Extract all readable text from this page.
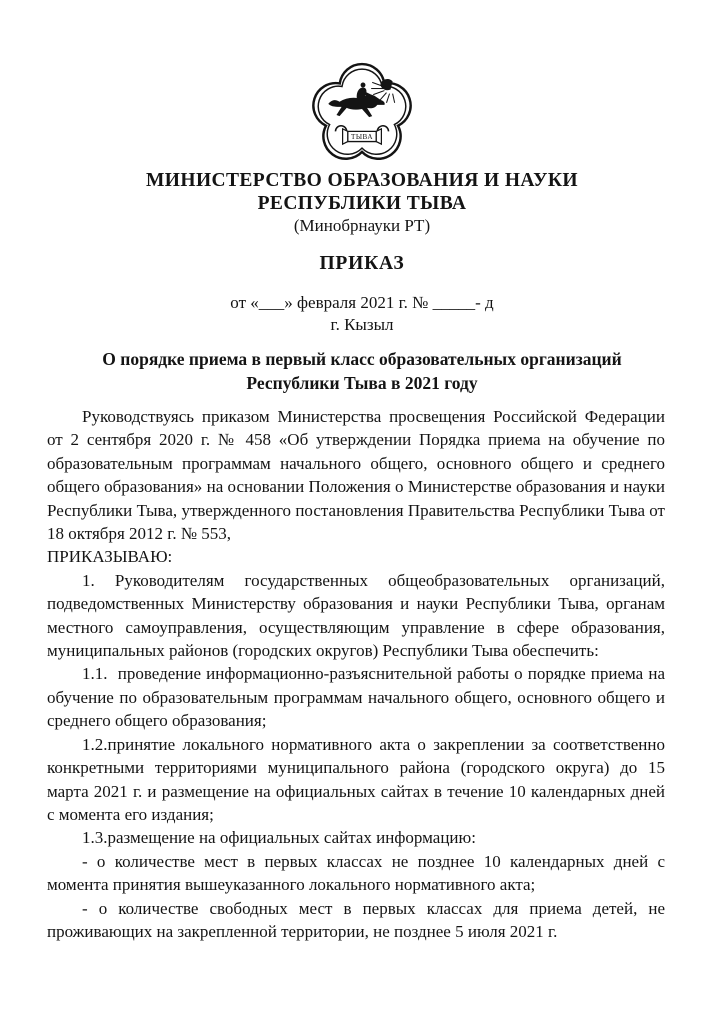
ТЫВА
МИНИСТЕРСТВО ОБРАЗОВАНИЯ И НАУКИ
РЕСПУБЛИКИ ТЫВА
(Минобрнауки РТ)
ПРИКАЗ
от «___» февраля 2021 г. № _____- д
г. Кызыл
О порядке приема в первый класс образовательных организаций
Республики Тыва в 2021 году
Руководствуясь приказом Министерства просвещения Российской Федерации от 2 сентября 2020 г. № 458 «Об утверждении Порядка приема на обучение по образовательным программам начального общего, основного общего и среднего общего образования» на основании Положения о Министерстве образования и науки Республики Тыва, утвержденного постановления Правительства Республики Тыва от 18 октября 2012 г. № 553,
ПРИКАЗЫВАЮ:
1. Руководителям государственных общеобразовательных организаций, подведомственных Министерству образования и науки Республики Тыва, органам местного самоуправления, осуществляющим управление в сфере образования, муниципальных районов (городских округов) Республики Тыва обеспечить:
1.1.  проведение информационно-разъяснительной работы о порядке приема на обучение по образовательным программам начального общего, основного общего и среднего общего образования;
1.2.принятие локального нормативного акта о закреплении за соответственно конкретными территориями муниципального района (городского округа) до 15 марта 2021 г. и размещение на официальных сайтах в течение 10 календарных дней с момента его издания;
1.3.размещение на официальных сайтах информацию:
- о количестве мест в первых классах не позднее 10 календарных дней с момента принятия вышеуказанного локального нормативного акта;
- о количестве свободных мест в первых классах для приема детей, не проживающих на закрепленной территории, не позднее 5 июля 2021 г.
